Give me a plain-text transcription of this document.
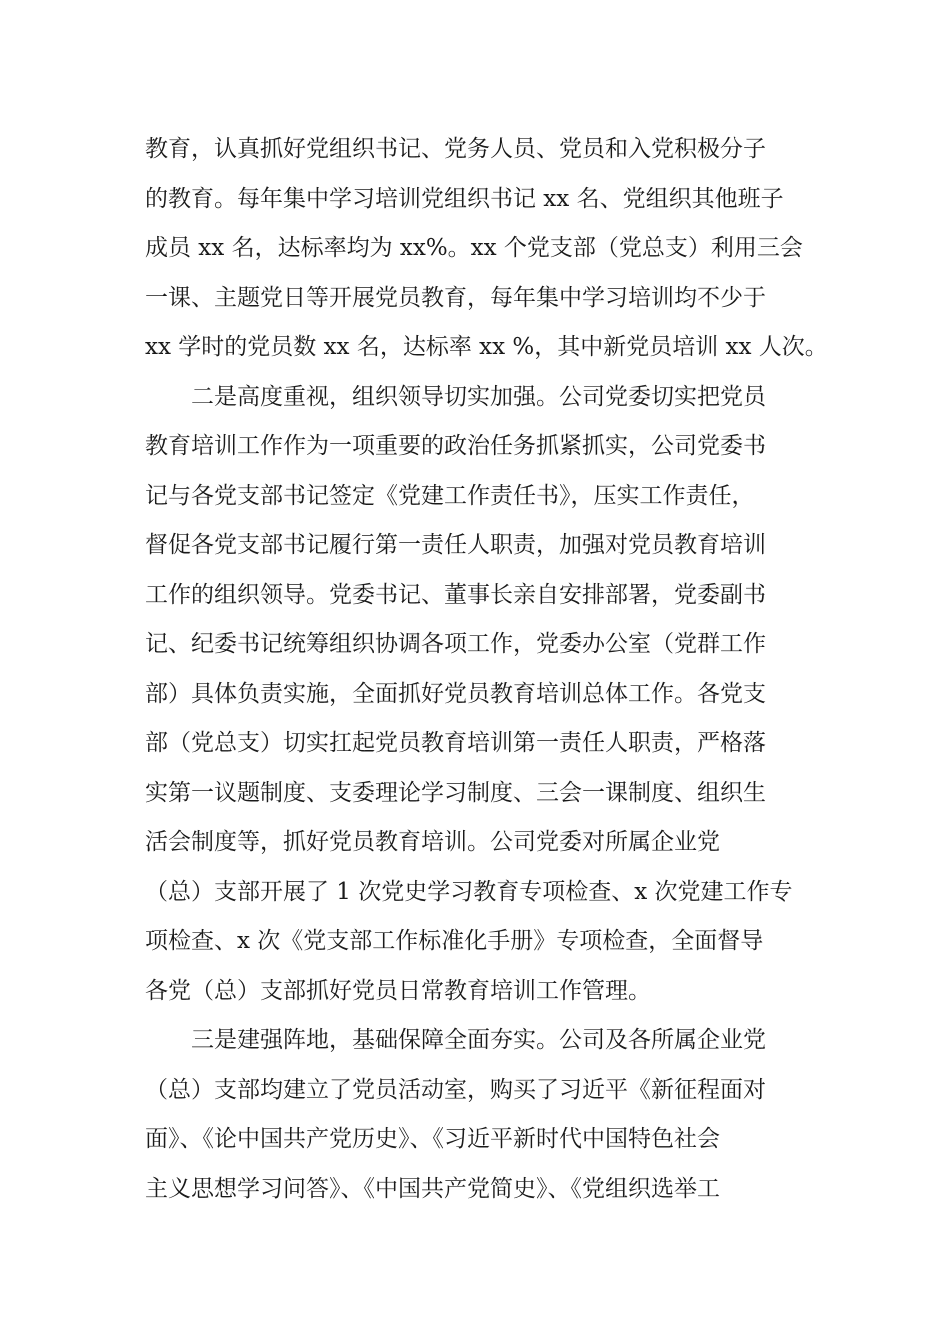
教育，认真抓好党组织书记、党务人员、党员和入党积极分子
的教育。每年集中学习培训党组织书记 xx 名、党组织其他班子
成员 xx 名，达标率均为 xx%。xx 个党支部（党总支）利用三会
一课、主题党日等开展党员教育，每年集中学习培训均不少于
xx 学时的党员数 xx 名，达标率 xx %，其中新党员培训 xx 人次。
二是高度重视，组织领导切实加强。公司党委切实把党员
教育培训工作作为一项重要的政治任务抓紧抓实，公司党委书
记与各党支部书记签定《党建工作责任书》，压实工作责任，
督促各党支部书记履行第一责任人职责，加强对党员教育培训
工作的组织领导。党委书记、董事长亲自安排部署，党委副书
记、纪委书记统筹组织协调各项工作，党委办公室（党群工作
部）具体负责实施，全面抓好党员教育培训总体工作。各党支
部（党总支）切实扛起党员教育培训第一责任人职责，严格落
实第一议题制度、支委理论学习制度、三会一课制度、组织生
活会制度等，抓好党员教育培训。公司党委对所属企业党
（总）支部开展了 1 次党史学习教育专项检查、x 次党建工作专
项检查、x 次《党支部工作标准化手册》专项检查，全面督导
各党（总）支部抓好党员日常教育培训工作管理。
三是建强阵地，基础保障全面夯实。公司及各所属企业党
（总）支部均建立了党员活动室，购买了习近平《新征程面对
面》、《论中国共产党历史》、《习近平新时代中国特色社会
主义思想学习问答》、《中国共产党简史》、《党组织选举工
